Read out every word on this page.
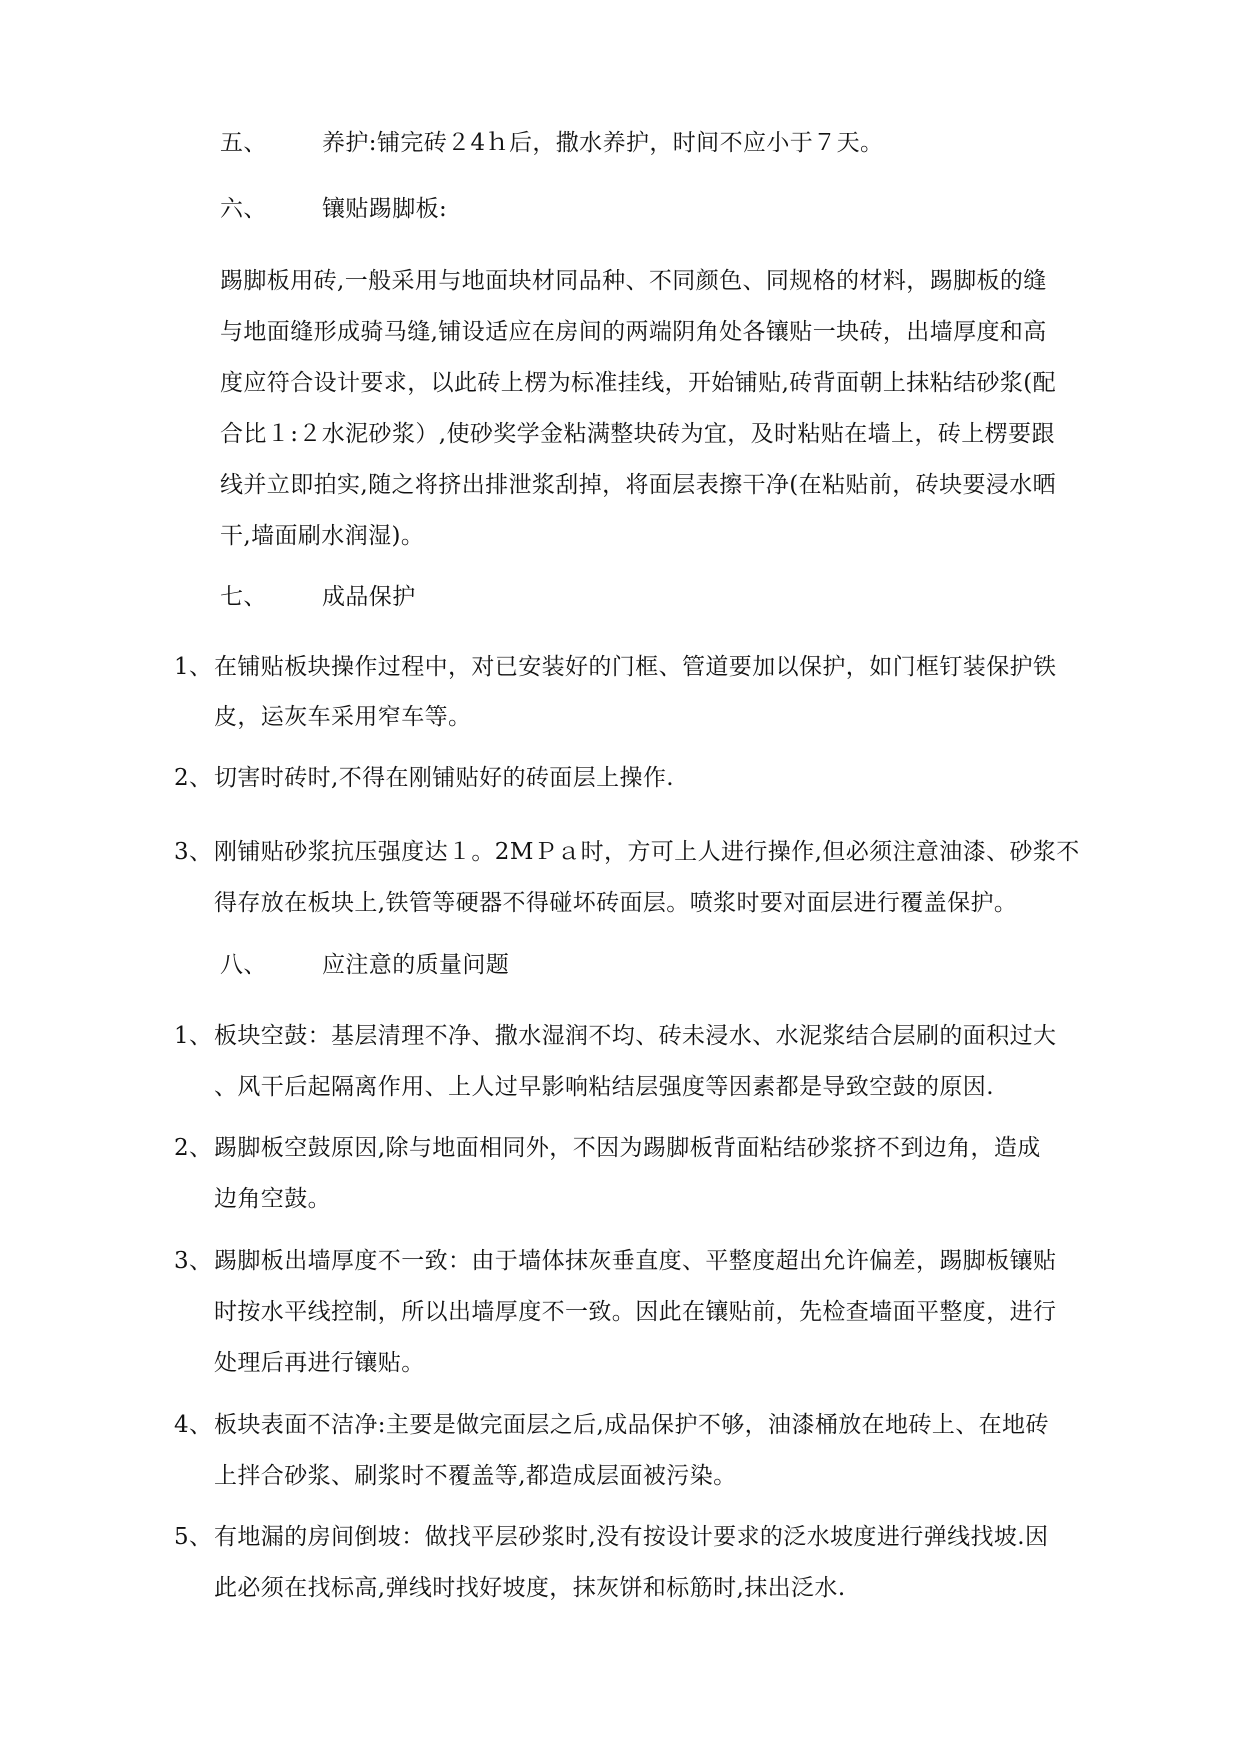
五、 养护:铺完砖２4ｈ后，撒水养护，时间不应小于７天。
六、 镶贴踢脚板:
踢脚板用砖,一般采用与地面块材同品种、不同颜色、同规格的材料，踢脚板的缝
与地面缝形成骑马缝,铺设适应在房间的两端阴角处各镶贴一块砖，出墙厚度和高
度应符合设计要求，以此砖上楞为标准挂线，开始铺贴,砖背面朝上抹粘结砂浆(配
合比１:２水泥砂浆）,使砂奖学金粘满整块砖为宜，及时粘贴在墙上，砖上楞要跟
线并立即拍实,随之将挤出排泄浆刮掉，将面层表擦干净(在粘贴前，砖块要浸水晒
干,墙面刷水润湿)。
七、 成品保护
1、 在铺贴板块操作过程中，对已安装好的门框、管道要加以保护，如门框钉装保护铁
皮，运灰车采用窄车等。
2、 切害时砖时,不得在刚铺贴好的砖面层上操作.
3、 刚铺贴砂浆抗压强度达１。2MＰａ时，方可上人进行操作,但必须注意油漆、砂浆不
得存放在板块上,铁管等硬器不得碰坏砖面层。喷浆时要对面层进行覆盖保护。
八、 应注意的质量问题
1、 板块空鼓：基层清理不净、撒水湿润不均、砖未浸水、水泥浆结合层刷的面积过大
、风干后起隔离作用、上人过早影响粘结层强度等因素都是导致空鼓的原因.
2、 踢脚板空鼓原因,除与地面相同外，不因为踢脚板背面粘结砂浆挤不到边角，造成
边角空鼓。
3、 踢脚板出墙厚度不一致：由于墙体抹灰垂直度、平整度超出允许偏差，踢脚板镶贴
时按水平线控制，所以出墙厚度不一致。因此在镶贴前，先检查墙面平整度，进行
处理后再进行镶贴。
4、 板块表面不洁净:主要是做完面层之后,成品保护不够，油漆桶放在地砖上、在地砖
上拌合砂浆、刷浆时不覆盖等,都造成层面被污染。
5、 有地漏的房间倒坡：做找平层砂浆时,没有按设计要求的泛水坡度进行弹线找坡.因
此必须在找标高,弹线时找好坡度，抹灰饼和标筋时,抹出泛水.
